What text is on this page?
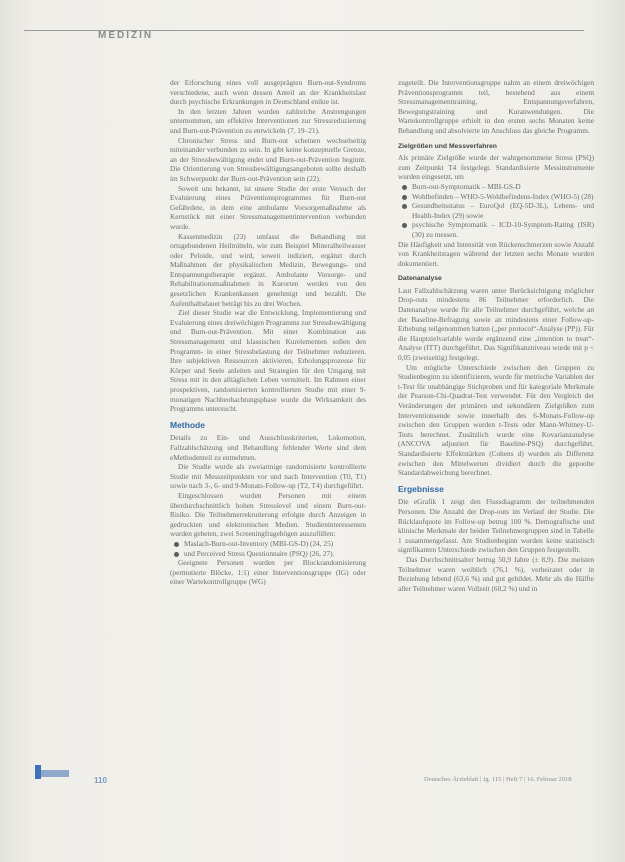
MEDIZIN

der Erforschung eines voll ausgeprägten Burn-out-Syndroms verschiedene, auch wenn dessen Anteil an der Krankheitslast durch psychische Erkrankungen in Deutschland enikte ist.

In den letzten Jahren wurden zahlreiche Anstrengungen unternommen, um effektive Interventionen zur Stressreduzierung und Burn-out-Prävention zu entwickeln (7, 19–21).

Chronischer Stress und Burn-out scheinen wechselseitig miteinander verbunden zu sein. In gibt keine konzeptuelle Grenze, an der Stressbewältigung endet und Burn-out-Prävention beginnt. Die Orientierung von Stressbewältigungsangeboten sollte deshalb im Schwerpunkt der Burn-out-Prävention sein (22).

Soweit uns bekannt, ist unsere Studie der erste Versuch der Evaluierung eines Präventionsprogrammes für Burn-out Gefährdete, in dem eine ambulante Vorsorgemaßnahme als Kernstück mit einer Stressmanagementintervention verbunden wurde.

Kassenmedizin (23) umfasst die Behandlung mit ortsgebundenen Heilmitteln, wie zum Beispiel Mineralheilwasser oder Peloide, und wird, soweit indiziert, ergänzt durch Maßnahmen der physikalischen Medizin, Bewegungs- und Entspannungstherapie ergänzt. Ambulante Vorsorge- und Rehabilitationsmaßnahmen in Kurorten werden von den gesetzlichen Krankenkassen genehmigt und bezahlt. Die Aufenthaltsdauer beträgt bis zu drei Wochen.

Ziel dieser Studie war die Entwicklung, Implementierung und Evaluierung eines dreiwöchigen Programms zur Stressbewältigung und Burn-out-Prävention. Mit einer Kombination aus Stressmanagement und klassischen Kurelementen sollen den Programm- in einer Stressbelastung der Teilnehmer reduzieren. Ihre subjektiven Ressourcen aktivieren, Erholungsprozesse für Körper und Seele anleiten und Strategien für den Umgang mit Stress mit in den alltäglichen Leben vermittelt. Im Rahmen einer prospektiven, randomisierten kontrollierten Studie mit einer 9-monatigen Nachbeobachtungsphase wurde die Wirksamkeit des Programms untersucht.

Methode

Details zu Ein- und Ausschlusskriterien, Lokomotion, Fallzahlschätzung und Behandlung fehlender Werte sind dem eMethodenteil zu entnehmen.

Die Studie wurde als zweiarmige randomisierte kontrollierte Studie mit Messzeitpunkten vor und nach Intervention (T0, T1) sowie nach 3-, 6- und 9-Monats-Follow-up (T2, T4) durchgeführt.

Eingeschlossen wurden Personen mit einem überdurchschnittlich hohen Stresslevel und einem Burn-out-Risiko. Die Teilnehmerrekrutierung erfolgte durch Anzeigen in gedruckten und elektronischen Medien. Studieninteressenten wurden gebeten, zwei Screeningfragebögen auszufüllen:

Maslach-Burn-out-Inventory (MBI-GS-D) (24, 25)
und Perceived Stress Questionnaire (PSQ) (26, 27).

Geeignete Personen wurden per Blockrandomisierung (permutierte Blöcke, 1:1) einer Interventionsgruppe (IG) oder einer Wartekontrollgruppe (WG)

zugeteilt. Die Interventionsgruppe nahm an einem dreiwöchigen Präventionsprogramm teil, bestehend aus einem Stressmanagementtraining, Entspannungsverfahren, Bewegungstraining und Kuranwendungen. Die Wartekontrollgruppe erhielt in den ersten sechs Monaten keine Behandlung und absolvierte im Anschluss das gleiche Programm.

Zielgrößen und Messverfahren

Als primäre Zielgröße wurde der wahrgenommene Stress (PSQ) zum Zeitpunkt T4 festgelegt. Standardisierte Messinstrumente wurden eingesetzt, um

Burn-out-Symptomatik – MBI-GS-D
Wohlbefinden – WHO-5-Wohlbefindens-Index (WHO-5) (28)
Gesundheitsstatus – EuroQol (EQ-5D-3L), Lebens- und Health-Index (29) sowie
psychische Symptomatik – ICD-10-Symptom-Rating (ISR) (30) zu messen.

Die Häufigkeit und Intensität von Rückenschmerzen sowie Anzahl von Krankheitstagen während der letzten sechs Monate wurden dokumentiert.

Datenanalyse

Laut Fallzahlschätzung waren unter Berücksichtigung möglicher Drop-outs mindestens 86 Teilnehmer erforderlich. Die Datenanalyse wurde für alle Teilnehmer durchgeführt, welche an der Baseline-Befragung sowie an mindestens einer Follow-up-Erhebung teilgenommen hatten („per protocol“-Analyse (PP)). Für die Hauptzielvariable wurde ergänzend eine „intention to treat“-Analyse (ITT) durchgeführt. Das Signifikanzniveau wurde mit p < 0,05 (zweiseitig) festgelegt.

Um mögliche Unterschiede zwischen den Gruppen zu Studienbeginn zu identifizieren, wurde für metrische Variablen der t-Test für unabhängige Stichproben und für kategoriale Merkmale der Pearson-Chi-Quadrat-Test verwendet. Für den Vergleich der Veränderungen der primären und sekundären Zielgrößen zum Interventionsende sowie innerhalb des 6-Monats-Follow-up zwischen den Gruppen wurden t-Tests oder Mann-Whitney-U-Tests berechnet. Zusätzlich wurde eine Kovarianzanalyse (ANCOVA adjustiert für Baseline-PSQ) durchgeführt. Standardisierte Effektstärken (Cohens d) wurden als Differenz zwischen den Mittelwerten dividiert durch die gepoolte Standardabweichung berechnet.

Ergebnisse

Die eGrafik 1 zeigt den Flussdiagramm der teilnehmenden Personen. Die Anzahl der Drop-outs im Verlauf der Studie. Die Rücklaufquote im Follow-up betrug 100 %. Demografische und klinische Merkmale der beiden Teilnehmergruppen sind in Tabelle 1 zusammengefasst. Am Studienbeginn wurden keine statistisch signifikanten Unterschiede zwischen den Gruppen festgestellt.

Das Durchschnittsalter betrug 50,9 Jahre (± 8,9). Die meisten Teilnehmer waren weiblich (76,1 %), verheiratet oder in Beziehung lebend (63,6 %) und gut gebildet. Mehr als die Hälfte aller Teilnehmer waren Vollzeit (60,2 %) und in

110	Deutsches Ärzteblatt | Jg. 115 | Heft 7 | 16. Februar 2018
